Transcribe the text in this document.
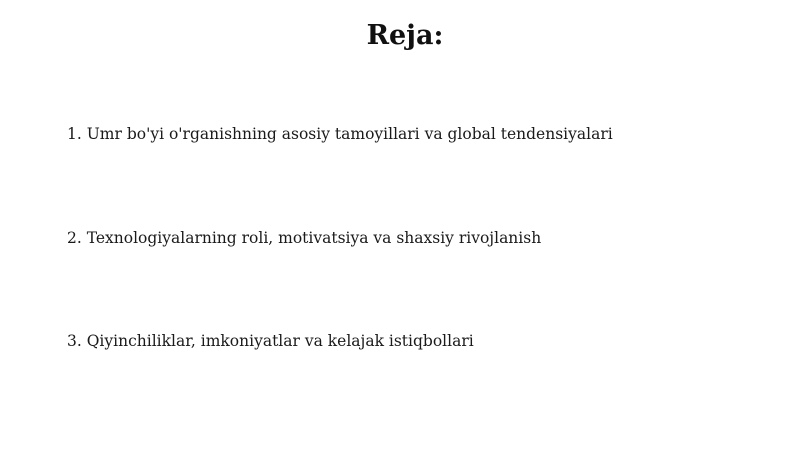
Reja:
1. Umr bo'yi o'rganishning asosiy tamoyillari va global tendensiyalari
2. Texnologiyalarning roli, motivatsiya va shaxsiy rivojlanish
3. Qiyinchiliklar, imkoniyatlar va kelajak istiqbollari
